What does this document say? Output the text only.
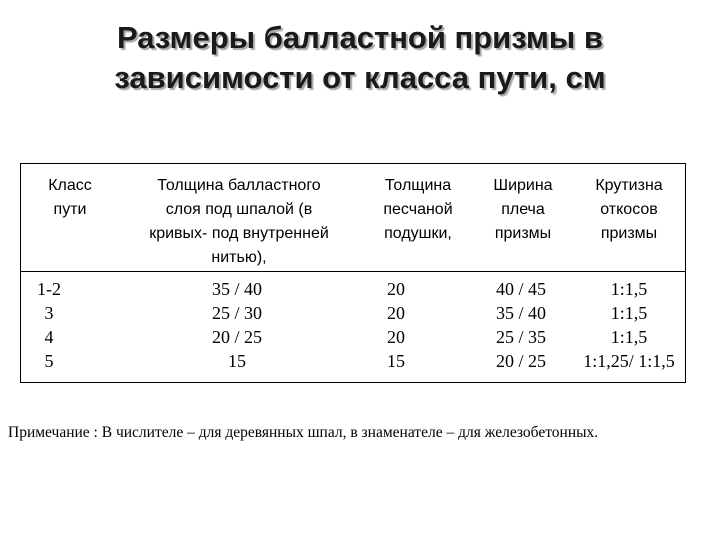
Размеры балластной призмы в
зависимости от класса пути, см
Класс
пути
Толщина балластного
слоя под шпалой (в
кривых- под внутренней
нитью),
Толщина
песчаной
подушки,
Ширина
плеча
призмы
Крутизна
откосов
призмы
1-2
3
4
5
35 / 40
25 / 30
20 / 25
15
20
20
20
15
40 / 45
35 / 40
25 / 35
20 / 25
1:1,5
1:1,5
1:1,5
1:1,25/ 1:1,5
Примечание : В числителе – для деревянных шпал, в знаменателе – для железобетонных.
